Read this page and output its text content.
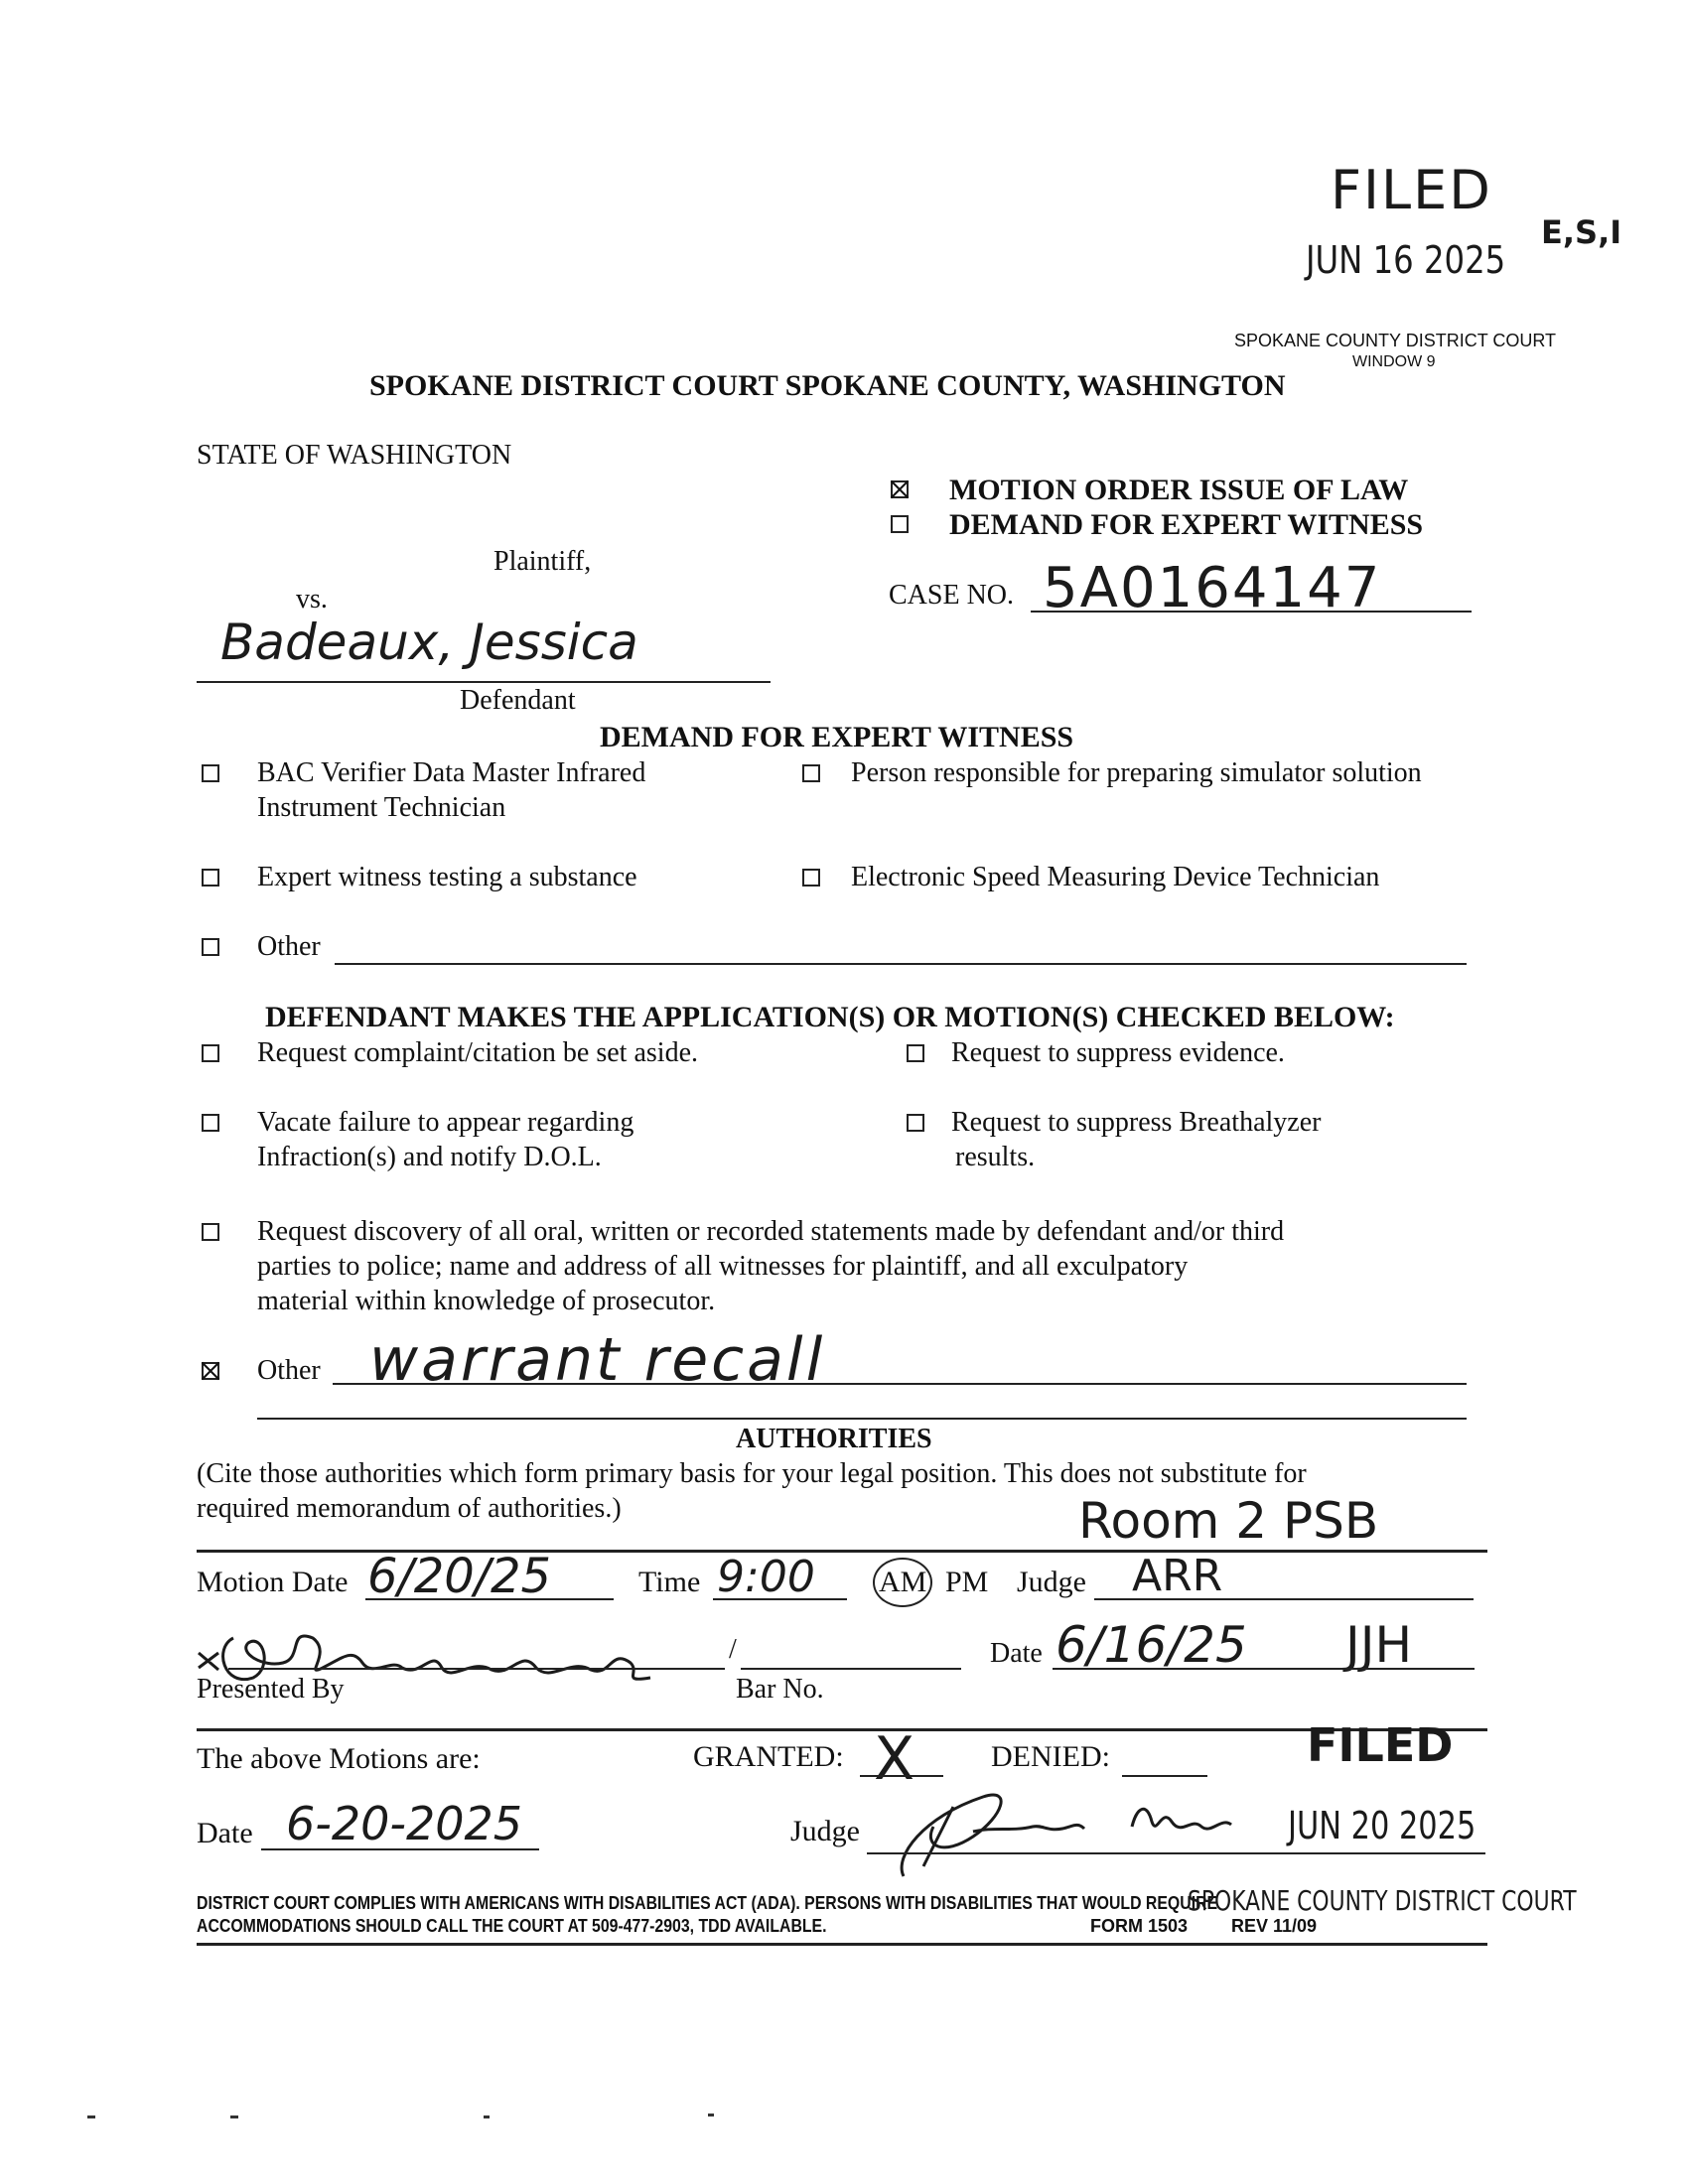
FILED
JUN 16 2025
E,S,I
SPOKANE COUNTY DISTRICT COURT
WINDOW 9
SPOKANE DISTRICT COURT SPOKANE COUNTY, WASHINGTON
STATE OF WASHINGTON
Plaintiff,
vs.
Badeaux, Jessica
Defendant
MOTION ORDER ISSUE OF LAW
DEMAND FOR EXPERT WITNESS
CASE NO. 5A0164147
DEMAND FOR EXPERT WITNESS
BAC Verifier Data Master Infrared
Instrument Technician
Person responsible for preparing simulator solution
Expert witness testing a substance	Electronic Speed Measuring Device Technician
Other
DEFENDANT MAKES THE APPLICATION(S) OR MOTION(S) CHECKED BELOW:
Request complaint/citation be set aside.	Request to suppress evidence.
Vacate failure to appear regarding
Infraction(s) and notify D.O.L.
Request to suppress Breathalyzer
results.
Request discovery of all oral, written or recorded statements made by defendant and/or third
parties to police; name and address of all witnesses for plaintiff, and all exculpatory
material within knowledge of prosecutor.
Other warrant recall
AUTHORITIES
(Cite those authorities which form primary basis for your legal position. This does not substitute for
required memorandum of authorities.)	Room 2 PSB
Motion Date 6/20/25	Time 9:00 AM PM Judge ARR
/
Presented By	Bar No.
Date 6/16/25 JJH
The above Motions are:	GRANTED: X	DENIED:	FILED
Date 6-20-2025	Judge	JUN 20 2025
DISTRICT COURT COMPLIES WITH AMERICANS WITH DISABILITIES ACT (ADA). PERSONS WITH DISABILITIES THAT WOULD REQUIRE
ACCOMMODATIONS SHOULD CALL THE COURT AT 509-477-2903, TDD AVAILABLE.	FORM 1503 REV 11/09
SPOKANE COUNTY DISTRICT COURT
